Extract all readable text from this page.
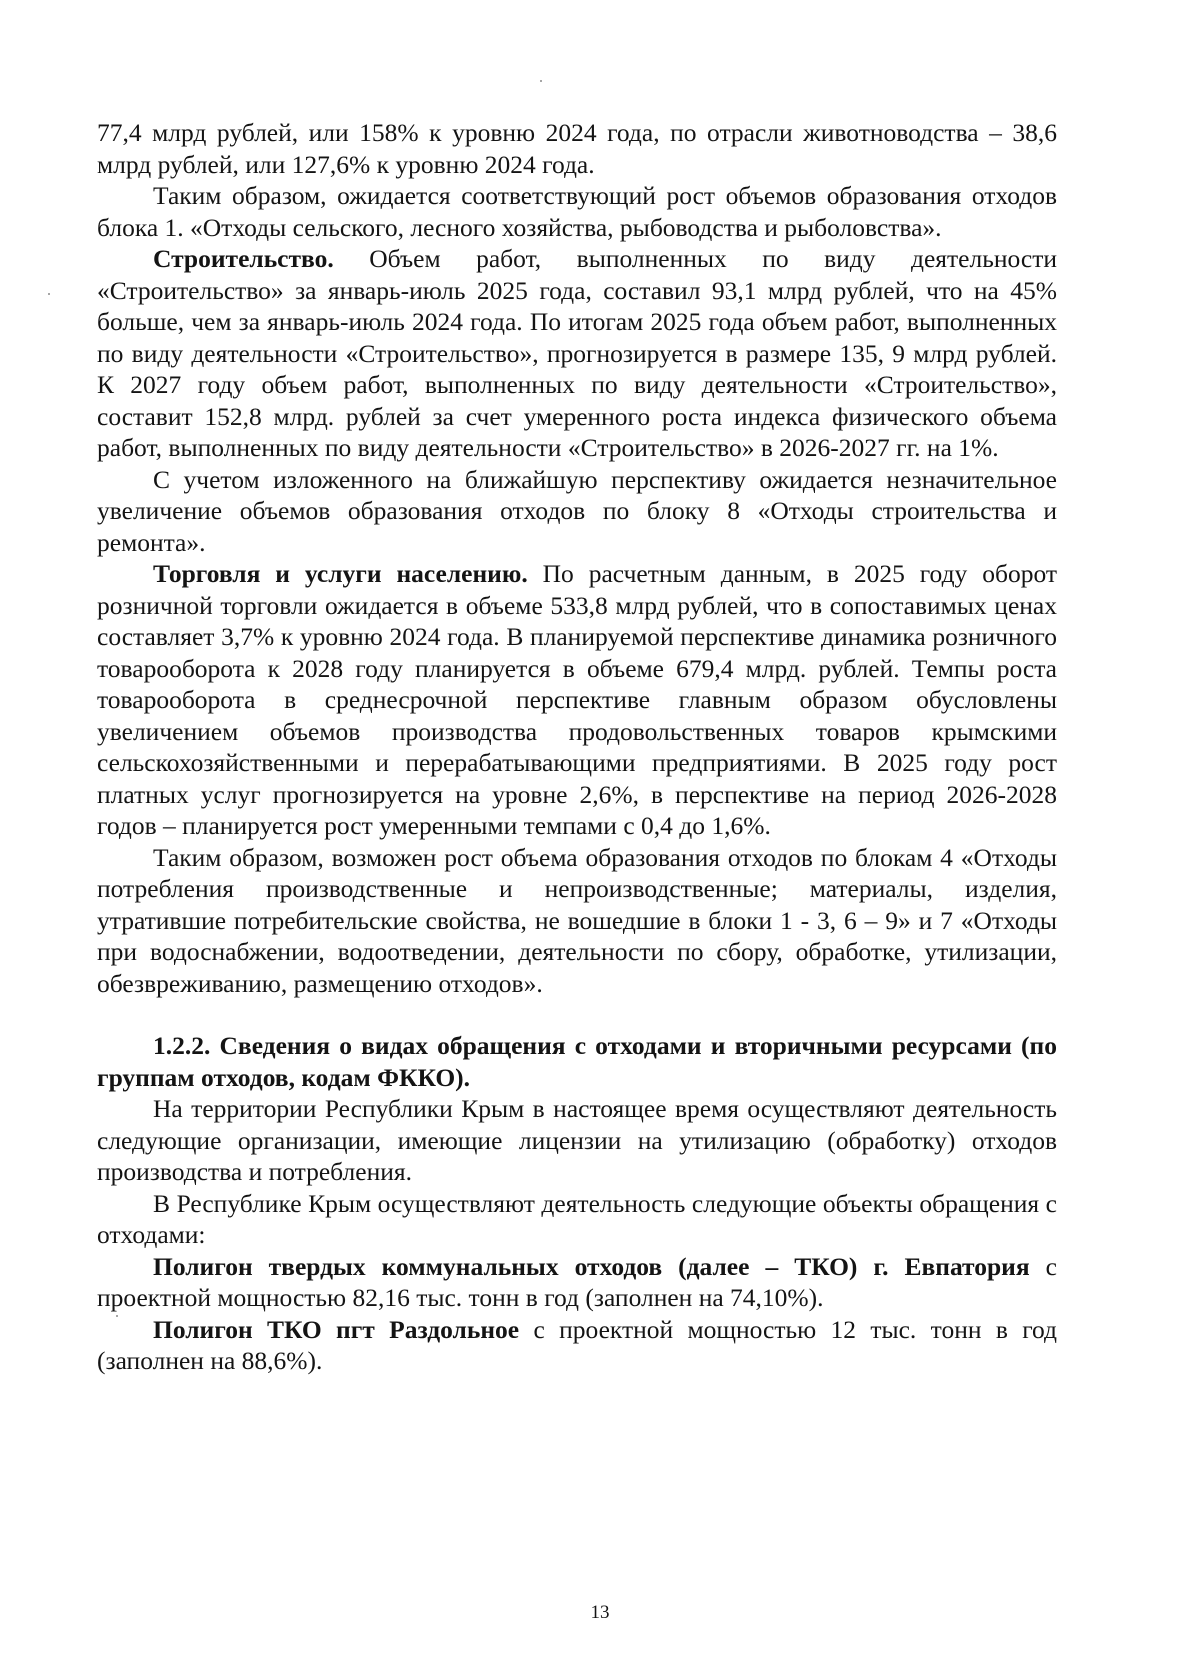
77,4 млрд рублей, или 158% к уровню 2024 года, по отрасли животноводства – 38,6 млрд рублей, или 127,6% к уровню 2024 года.

Таким образом, ожидается соответствующий рост объемов образования отходов блока 1. «Отходы сельского, лесного хозяйства, рыбоводства и рыболовства».

Строительство. Объем работ, выполненных по виду деятельности «Строительство» за январь-июль 2025 года, составил 93,1 млрд рублей, что на 45% больше, чем за январь-июль 2024 года. По итогам 2025 года объем работ, выполненных по виду деятельности «Строительство», прогнозируется в размере 135, 9 млрд рублей. К 2027 году объем работ, выполненных по виду деятельности «Строительство», составит 152,8 млрд. рублей за счет умеренного роста индекса физического объема работ, выполненных по виду деятельности «Строительство» в 2026-2027 гг. на 1%.

С учетом изложенного на ближайшую перспективу ожидается незначительное увеличение объемов образования отходов по блоку 8 «Отходы строительства и ремонта».

Торговля и услуги населению. По расчетным данным, в 2025 году оборот розничной торговли ожидается в объеме 533,8 млрд рублей, что в сопоставимых ценах составляет 3,7% к уровню 2024 года. В планируемой перспективе динамика розничного товарооборота к 2028 году планируется в объеме 679,4 млрд. рублей. Темпы роста товарооборота в среднесрочной перспективе главным образом обусловлены увеличением объемов производства продовольственных товаров крымскими сельскохозяйственными и перерабатывающими предприятиями. В 2025 году рост платных услуг прогнозируется на уровне 2,6%, в перспективе на период 2026-2028 годов – планируется рост умеренными темпами с 0,4 до 1,6%.

Таким образом, возможен рост объема образования отходов по блокам 4 «Отходы потребления производственные и непроизводственные; материалы, изделия, утратившие потребительские свойства, не вошедшие в блоки 1 - 3, 6 – 9» и 7 «Отходы при водоснабжении, водоотведении, деятельности по сбору, обработке, утилизации, обезвреживанию, размещению отходов».

1.2.2. Сведения о видах обращения с отходами и вторичными ресурсами (по группам отходов, кодам ФККО).

На территории Республики Крым в настоящее время осуществляют деятельность следующие организации, имеющие лицензии на утилизацию (обработку) отходов производства и потребления.

В Республике Крым осуществляют деятельность следующие объекты обращения с отходами:

Полигон твердых коммунальных отходов (далее – ТКО) г. Евпатория с проектной мощностью 82,16 тыс. тонн в год (заполнен на 74,10%).

Полигон ТКО пгт Раздольное с проектной мощностью 12 тыс. тонн в год (заполнен на 88,6%).

13
